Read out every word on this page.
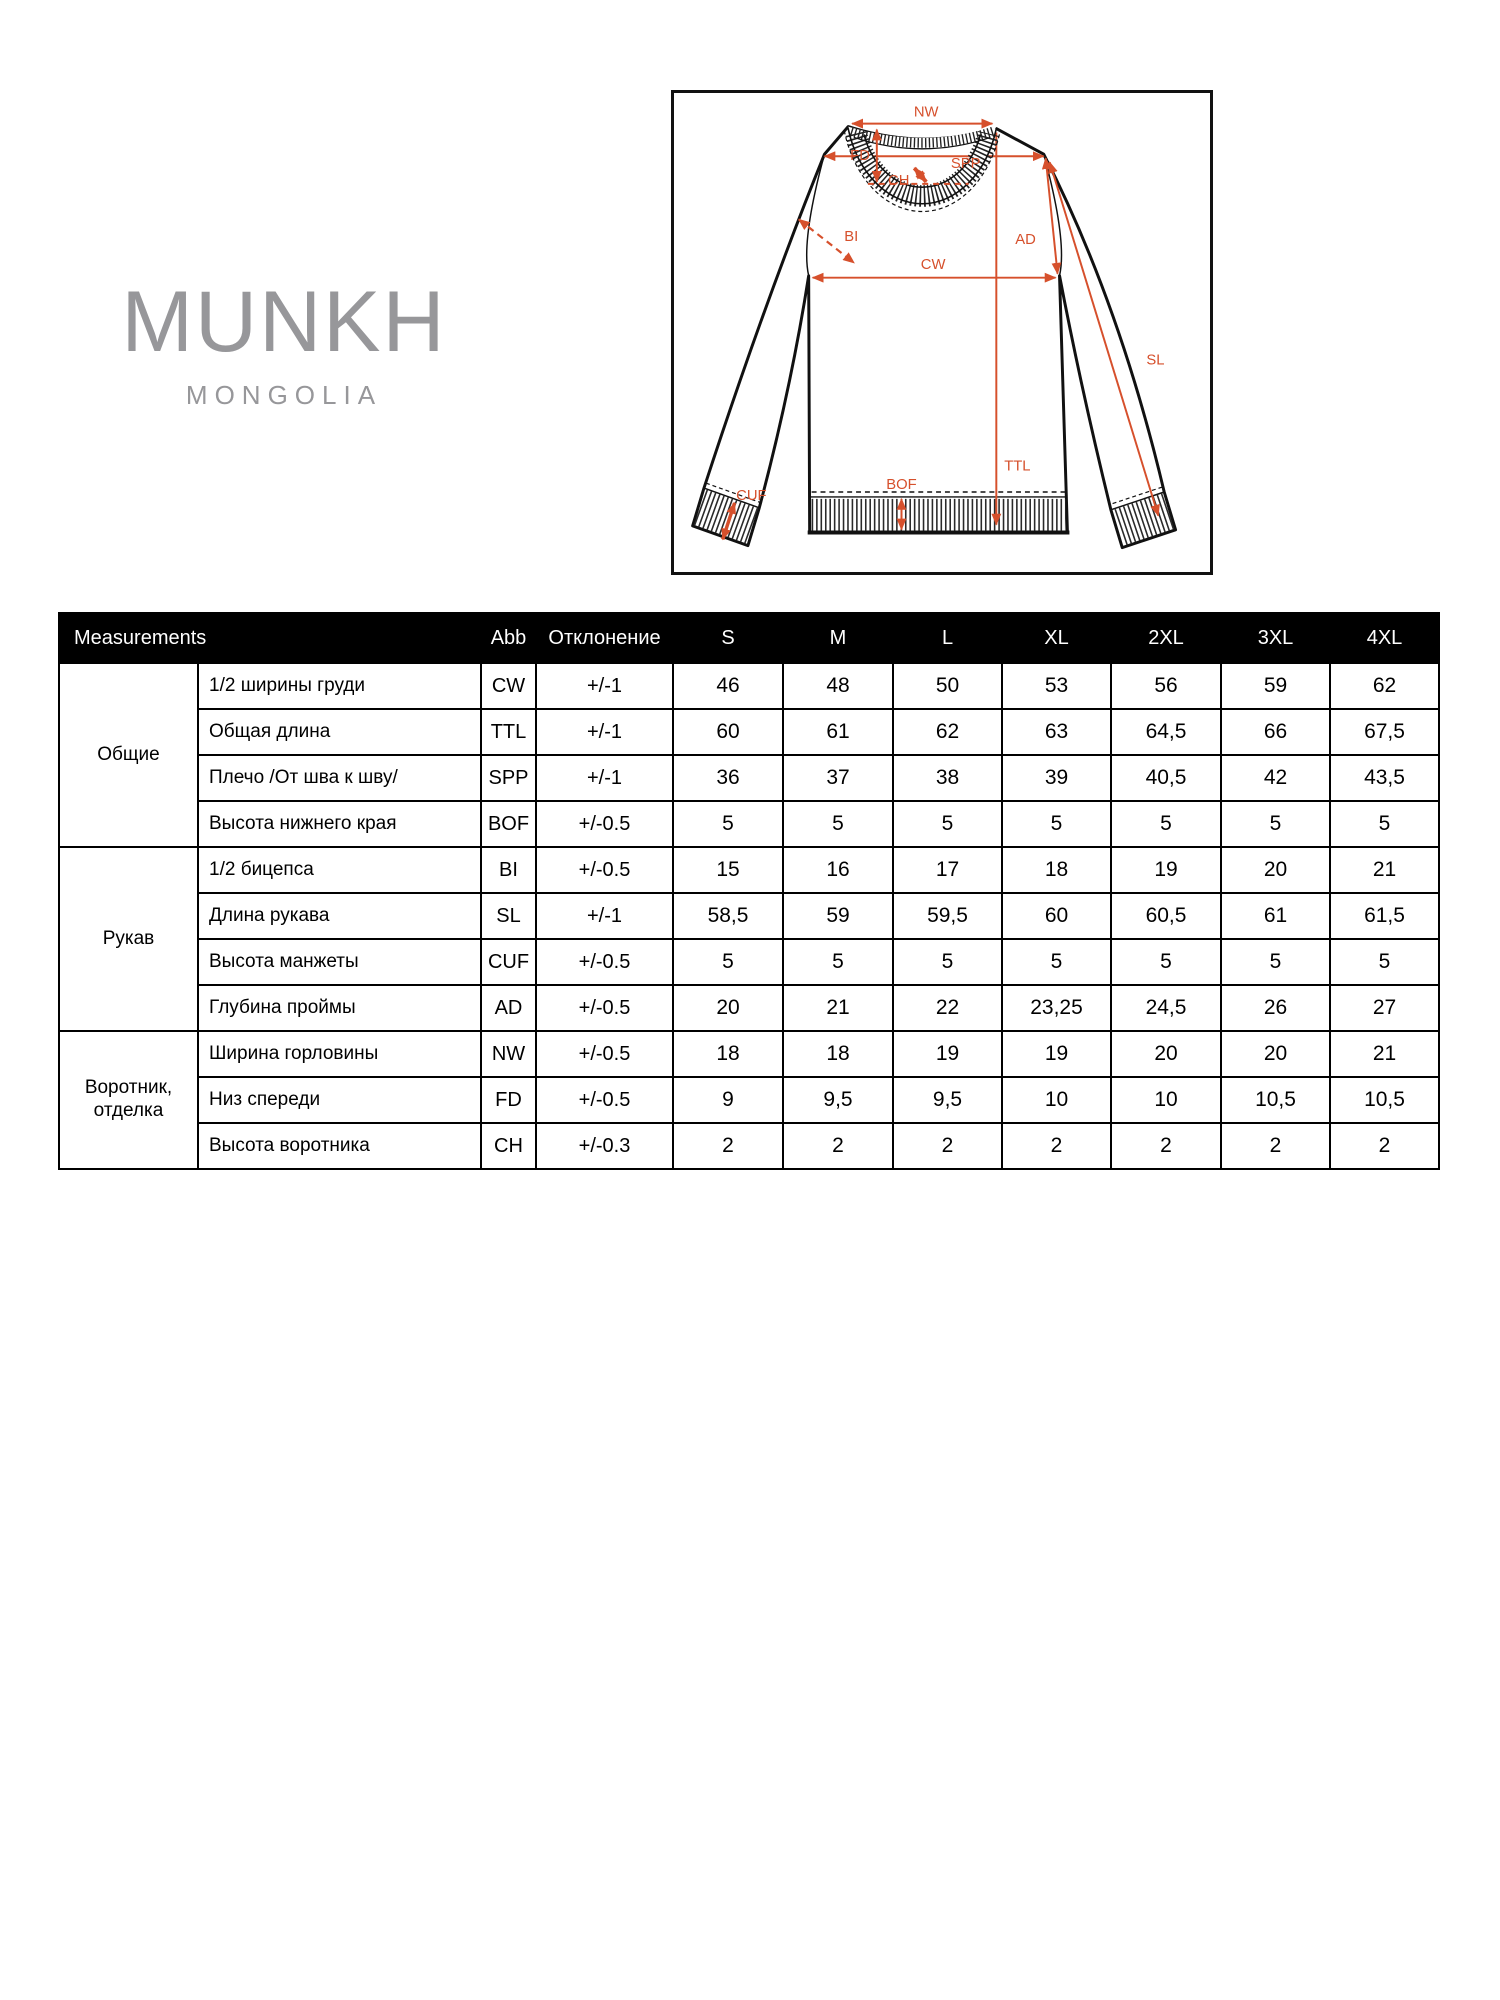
MUNKH
MONGOLIA
NW
FD	SPP
CH
BI
CW
AD
SL
TTL
BOF
CUF
Measurements		Abb	Отклонение	S	M	L	XL	2XL	3XL	4XL
Общие	1/2 ширины груди	CW	+/-1	46	48	50	53	56	59	62
	Общая длина	TTL	+/-1	60	61	62	63	64,5	66	67,5
	Плечо /От шва к шву/	SPP	+/-1	36	37	38	39	40,5	42	43,5
	Высота нижнего края	BOF	+/-0.5	5	5	5	5	5	5	5
Рукав	1/2 бицепса	BI	+/-0.5	15	16	17	18	19	20	21
	Длина рукава	SL	+/-1	58,5	59	59,5	60	60,5	61	61,5
	Высота манжеты	CUF	+/-0.5	5	5	5	5	5	5	5
	Глубина проймы	AD	+/-0.5	20	21	22	23,25	24,5	26	27
Воротник, отделка	Ширина горловины	NW	+/-0.5	18	18	19	19	20	20	21
	Низ спереди	FD	+/-0.5	9	9,5	9,5	10	10	10,5	10,5
	Высота воротника	CH	+/-0.3	2	2	2	2	2	2	2
